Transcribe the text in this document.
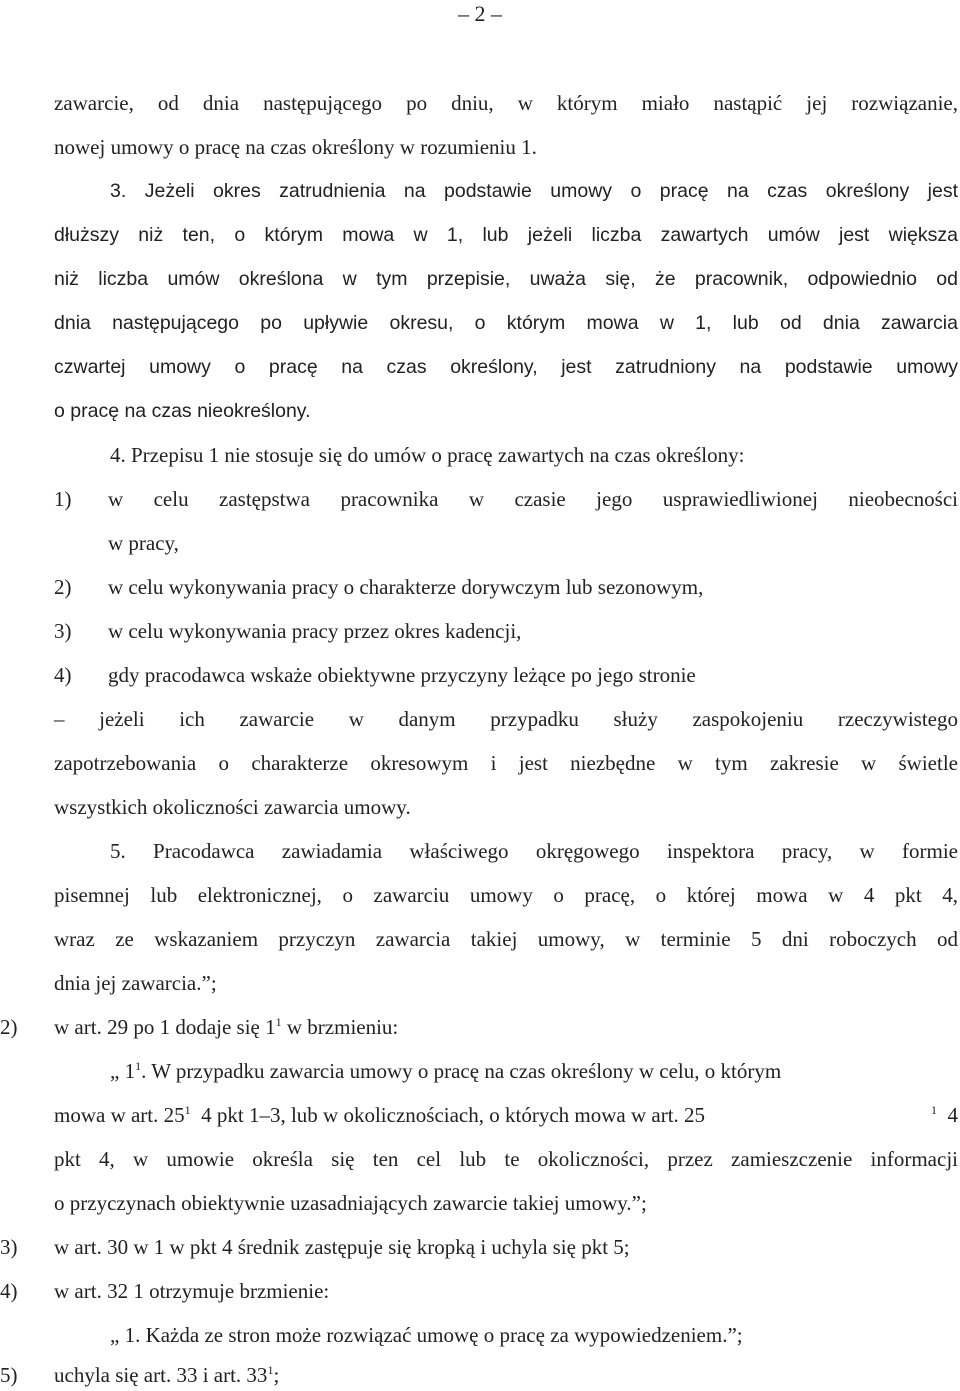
– 2 –
zawarcie, od dnia następującego po dniu, w którym miało nastąpić jej rozwiązanie,
nowej umowy o pracę na czas określony w rozumieniu 1.
3. Jeżeli okres zatrudnienia na podstawie umowy o pracę na czas określony jest
dłuższy niż ten, o którym mowa w 1, lub jeżeli liczba zawartych umów jest większa
niż liczba umów określona w tym przepisie, uważa się, że pracownik, odpowiednio od
dnia następującego po upływie okresu, o którym mowa w 1, lub od dnia zawarcia
czwartej umowy o pracę na czas określony, jest zatrudniony na podstawie umowy
o pracę na czas nieokreślony.
4. Przepisu 1 nie stosuje się do umów o pracę zawartych na czas określony:
1) w celu zastępstwa pracownika w czasie jego usprawiedliwionej nieobecności
w pracy,
2) w celu wykonywania pracy o charakterze dorywczym lub sezonowym,
3) w celu wykonywania pracy przez okres kadencji,
4) gdy pracodawca wskaże obiektywne przyczyny leżące po jego stronie
– jeżeli ich zawarcie w danym przypadku służy zaspokojeniu rzeczywistego
zapotrzebowania o charakterze okresowym i jest niezbędne w tym zakresie w świetle
wszystkich okoliczności zawarcia umowy.
5. Pracodawca zawiadamia właściwego okręgowego inspektora pracy, w formie
pisemnej lub elektronicznej, o zawarciu umowy o pracę, o której mowa w 4 pkt 4,
wraz ze wskazaniem przyczyn zawarcia takiej umowy, w terminie 5 dni roboczych od
dnia jej zawarcia.”;
2) w art. 29 po 1 dodaje się $1^1$ w brzmieniu:
„ $1^1$. W przypadku zawarcia umowy o pracę na czas określony w celu, o którym
mowa w art. $25^1$ 4 pkt 1–3, lub w okolicznościach, o których mowa w art. 25	$^1$  4
pkt 4, w umowie określa się ten cel lub te okoliczności, przez zamieszczenie informacji
o przyczynach obiektywnie uzasadniających zawarcie takiej umowy.”;
3) w art. 30 w 1 w pkt 4 średnik zastępuje się kropką i uchyla się pkt 5;
4) w art. 32 1 otrzymuje brzmienie:
„ 1. Każda ze stron może rozwiązać umowę o pracę za wypowiedzeniem.”;
5) uchyla się art. 33 i art. $33^1$;
